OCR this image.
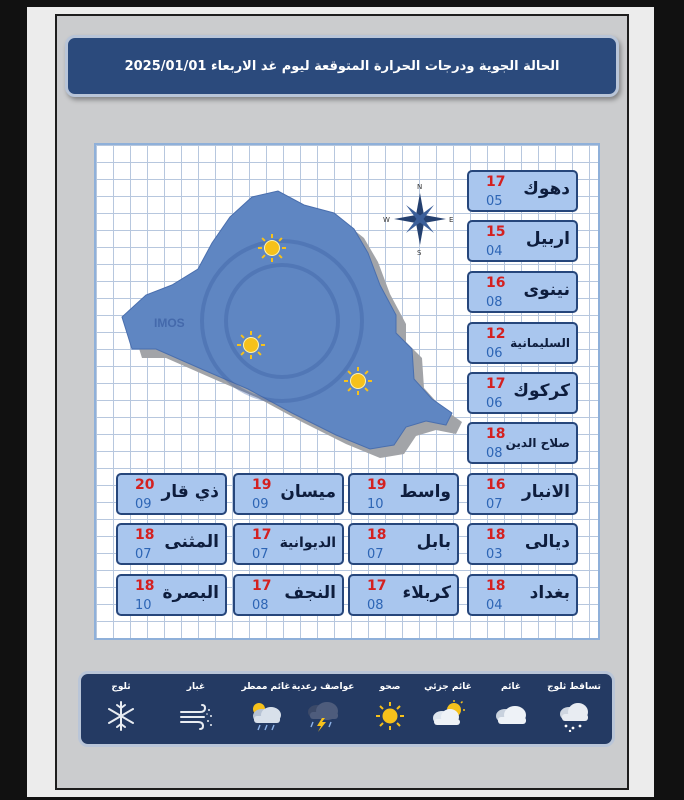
الحالة الجوية ودرجات الحرارة المتوقعة ليوم غد الاربعاء 2025/01/01
IMOS
N
S
E
W
دهوك
17
05
اربيل
15
04
نينوى
16
08
السليمانية
12
06
كركوك
17
06
صلاح الدين
18
08
الانبار
16
07
واسط
19
10
ميسان
19
09
ذي قار
20
09
ديالى
18
03
بابل
18
07
الديوانية
17
07
المثنى
18
07
بغداد
18
04
كربلاء
17
08
النجف
17
08
البصرة
18
10
تساقط ثلوج
غائم
غائم جزئي
صحو
عواصف رعدية
غائم ممطر
غبار
ثلوج
